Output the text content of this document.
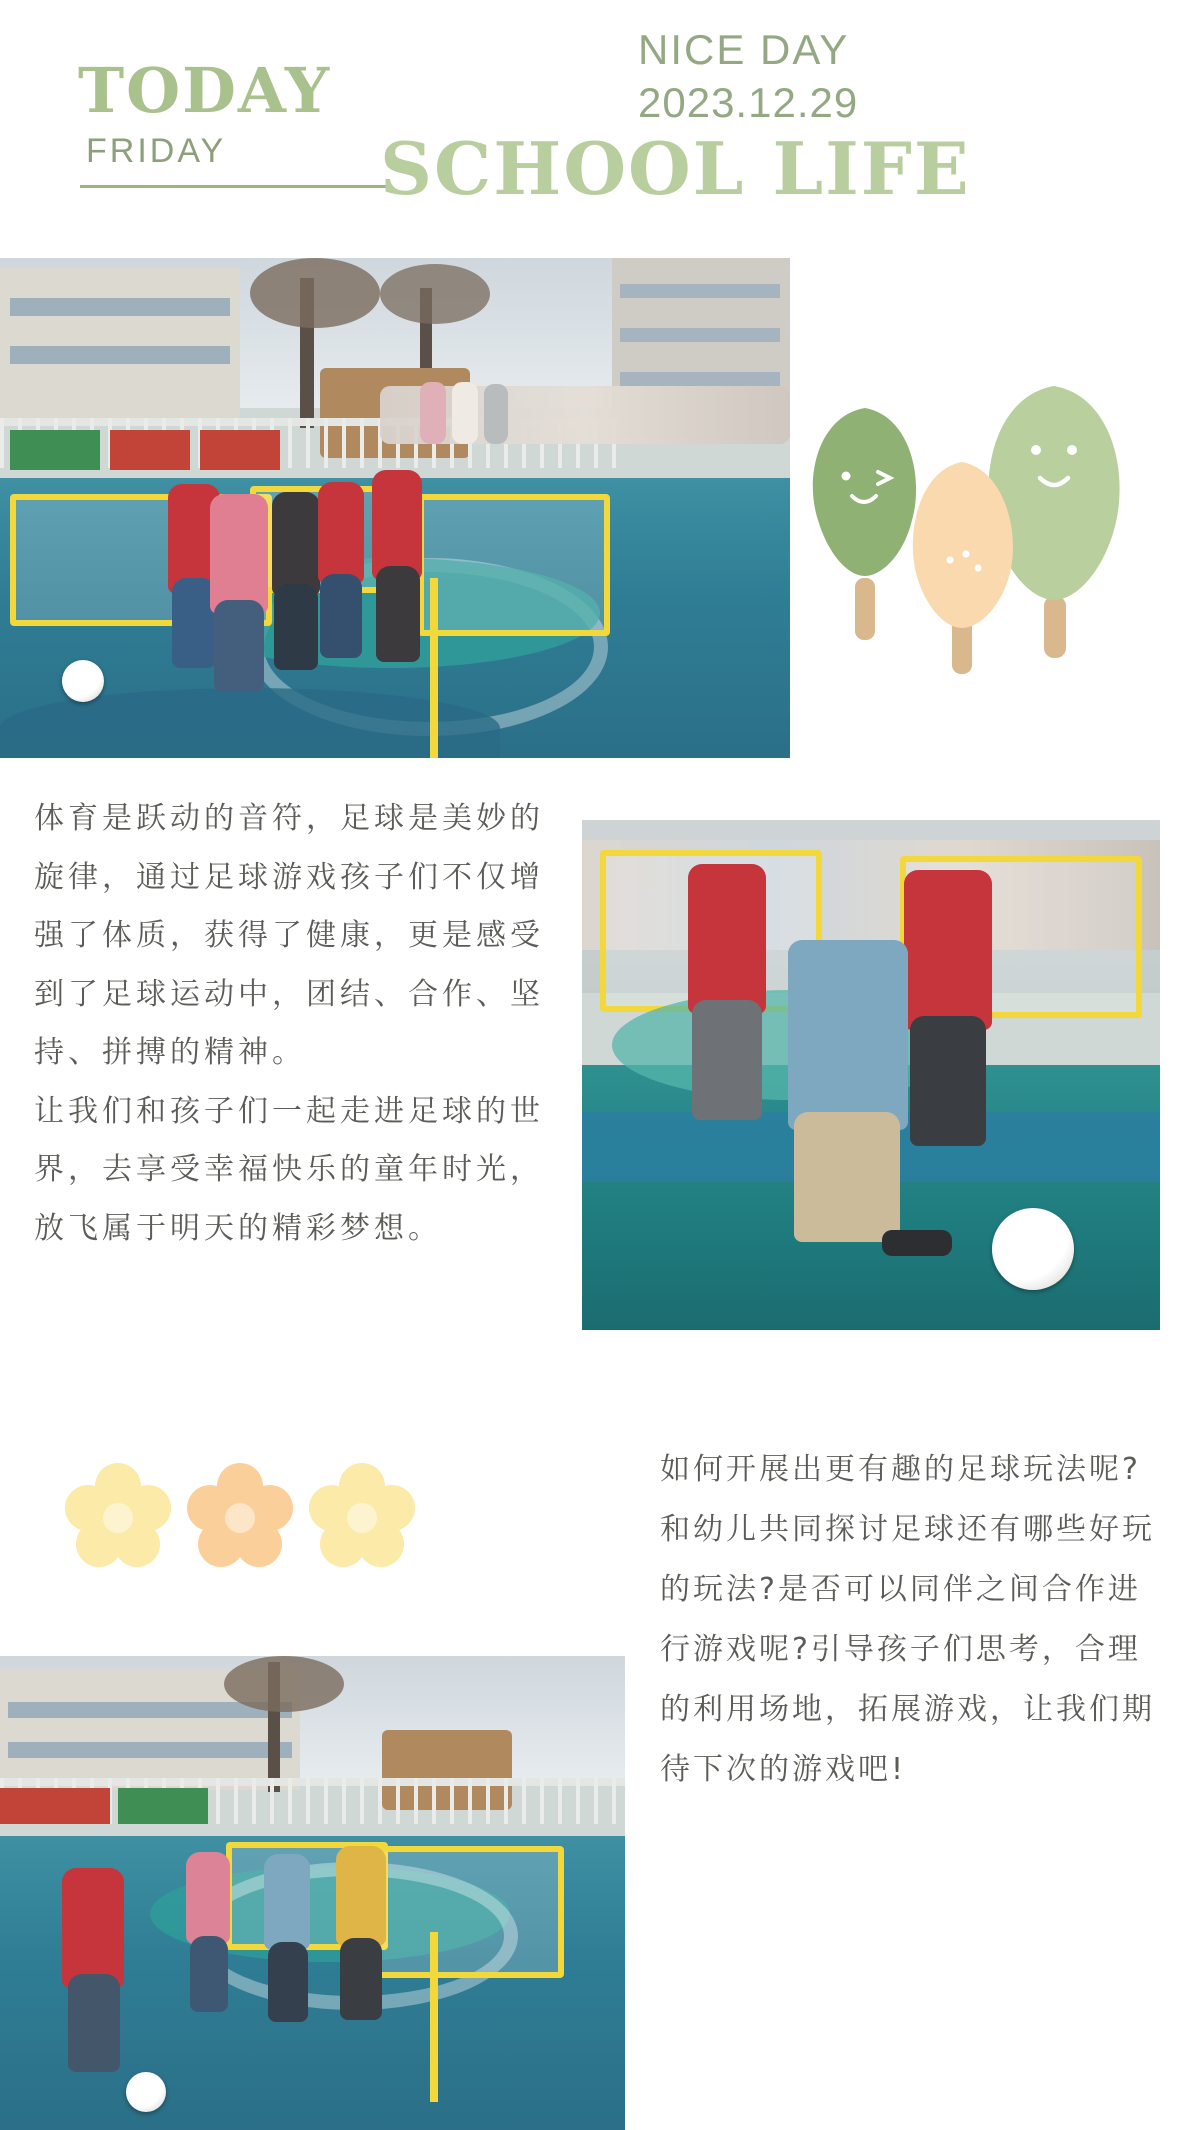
TODAY
FRIDAY
NICE DAY
2023.12.29
SCHOOL LIFE
体育是跃动的音符，足球是美妙的旋律，通过足球游戏孩子们不仅增强了体质，获得了健康，更是感受到了足球运动中，团结、合作、坚持、拼搏的精神。
让我们和孩子们一起走进足球的世界，去享受幸福快乐的童年时光，放飞属于明天的精彩梦想。
如何开展出更有趣的足球玩法呢?和幼儿共同探讨足球还有哪些好玩的玩法?是否可以同伴之间合作进行游戏呢?引导孩子们思考，合理的利用场地，拓展游戏，让我们期待下次的游戏吧!
